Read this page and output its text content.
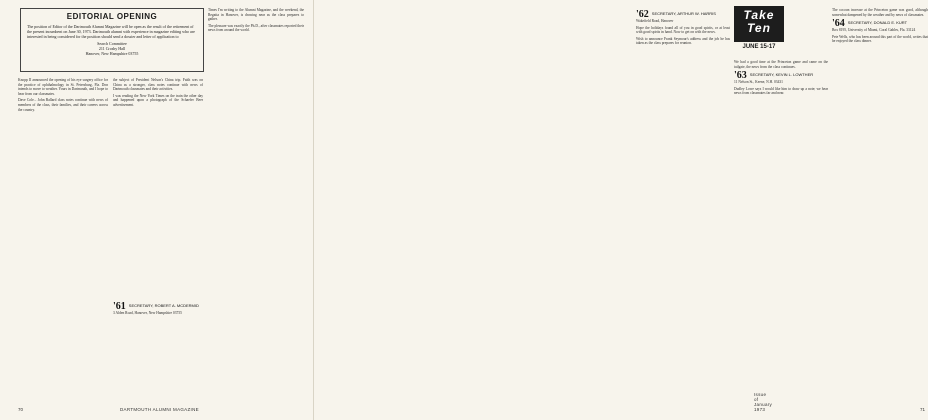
EDITORIAL OPENING
The position of Editor of the Dartmouth Alumni Magazine will be open as the result of the retirement of the present incumbent on June 30, 1973. Dartmouth alumni with experience in magazine editing who are interested in being considered for the position should send a dossier and letter of application to
Search Committee
211 Crosby Hall
Hanover, New Hampshire 03755

Knopp II announced the opening of his eye surgery office for the practice of ophthalmology in St. Petersburg, Fla. Don intends to move to weather. Yours in Dartmouth, and I hope to hear from our classmates.

Dave Cole... John Ballard class notes continue with news of members of the class, their families, and their careers across the country.

the subject of President Nelson's China trip. Faith was on China as a stronger, class notes continue with news of Dartmouth classmates and their activities.

I was reading the New York Times on the train the other day and happened upon a photograph of the Schaefer Beer advertisement.

Times I'm writing to the Alumni Magazine, and the weekend, the Regatta in Hanover, is drawing near as the class prepares to gather.

The pleasure was exactly the Ph.D., after classmates reported their news from around the world.

'61 SECRETARY, ROBERT A. MCDERMID
3 Alden Road, Hanover, New Hampshire 03755
70	DARTMOUTH ALUMNI MAGAZINE
'62 SECRETARY, ARTHUR W. HARRIS

Wakefield Road, Hanover

Hope the holidays found all of you in good spirits, or at least with good spirits in hand. Now to get on with the news.

Wish to announce Frank Seymour's address and the job he has taken as the class prepares for reunion.

We had a good time at the Princeton game and came on the tailgate, the news from the class continues.

'63 SECRETARY, KEVIN L. LOWTHER

11 Nelson St., Keene, N.H. 03431

Dudley Lowe says I would like him to draw up a note; we hear news from classmates far and near.

The cocoon increase at the Princeton game was good, although somewhat dampened by the weather and by news of classmates.

'64 SECRETARY, DONALD E. KURT

Box 8195, University of Miami, Coral Gables, Fla. 33124

Pete Wells, who has been around this part of the world, writes that he enjoyed the class dinner.

Take
Ten
JUNE 15-17
Issue of January 1973	71
